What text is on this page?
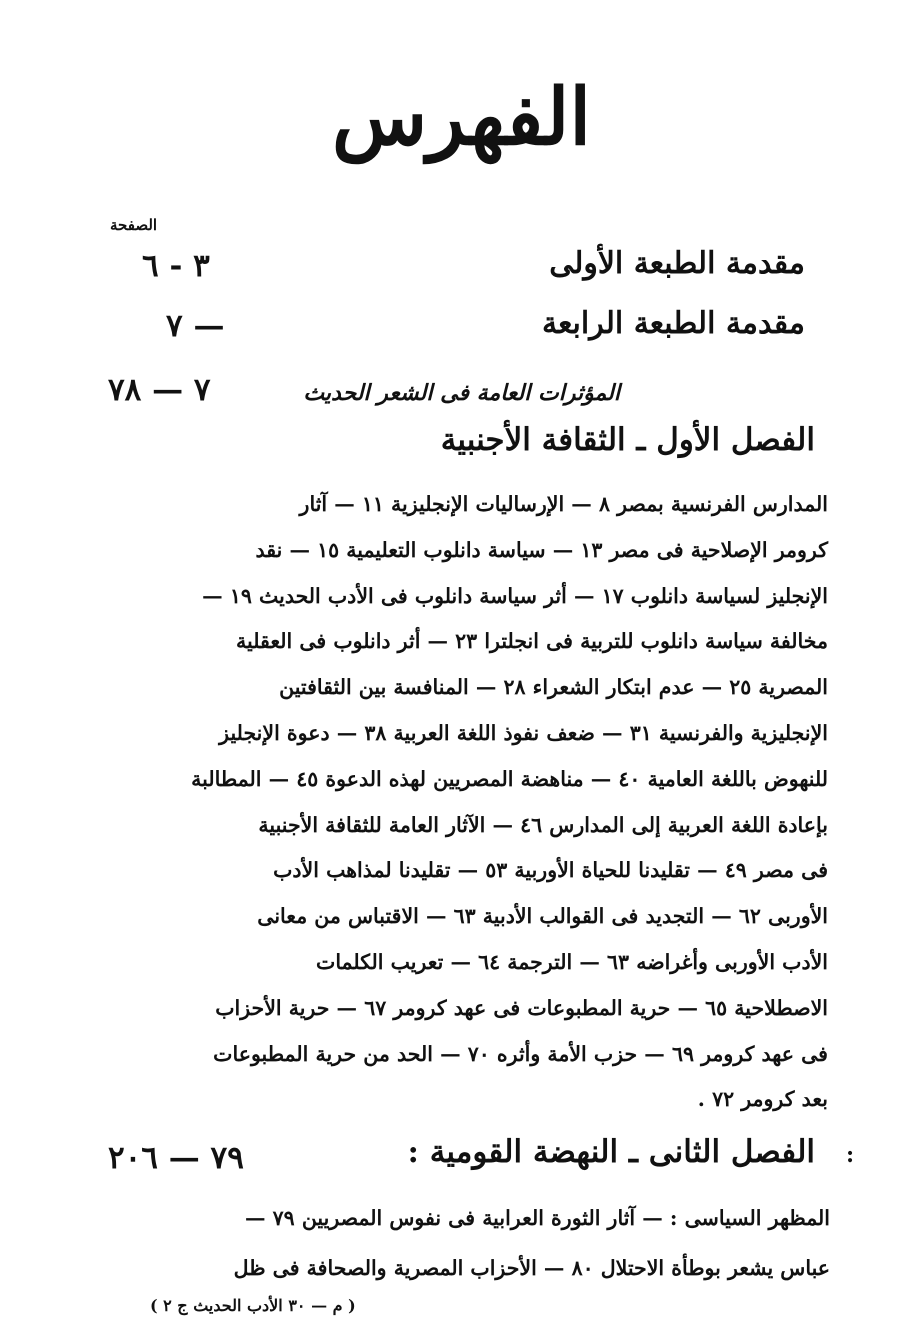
الفهرس
الصفحة
مقدمة الطبعة الأولى
٣ - ٦
مقدمة الطبعة الرابعة
٧ —
المؤثرات العامة فى الشعر الحديث
٧ — ٧٨
الفصل الأول ـ الثقافة الأجنبية
المدارس الفرنسية بمصر ٨ — الإرساليات الإنجليزية ١١ — آثار
كرومر الإصلاحية فى مصر ١٣ — سياسة دانلوب التعليمية ١٥ — نقد
الإنجليز لسياسة دانلوب ١٧ — أثر سياسة دانلوب فى الأدب الحديث ١٩ —
مخالفة سياسة دانلوب للتربية فى انجلترا ٢٣ — أثر دانلوب فى العقلية
المصرية ٢٥ — عدم ابتكار الشعراء ٢٨ — المنافسة بين الثقافتين
الإنجليزية والفرنسية ٣١ — ضعف نفوذ اللغة العربية ٣٨ — دعوة الإنجليز
للنهوض باللغة العامية ٤٠ — مناهضة المصريين لهذه الدعوة ٤٥ — المطالبة
بإعادة اللغة العربية إلى المدارس ٤٦ — الآثار العامة للثقافة الأجنبية
فى مصر ٤٩ — تقليدنا للحياة الأوربية ٥٣ — تقليدنا لمذاهب الأدب
الأوربى ٦٢ — التجديد فى القوالب الأدبية ٦٣ — الاقتباس من معانى
الأدب الأوربى وأغراضه ٦٣ — الترجمة ٦٤ — تعريب الكلمات
الاصطلاحية ٦٥ — حرية المطبوعات فى عهد كرومر ٦٧ — حرية الأحزاب
فى عهد كرومر ٦٩ — حزب الأمة وأثره ٧٠ — الحد من حرية المطبوعات
بعد كرومر ٧٢ .
الفصل الثانى ـ النهضة القومية :
٧٩ — ٢٠٦	:
المظهر السياسى : — آثار الثورة العرابية فى نفوس المصريين ٧٩ —
عباس يشعر بوطأة الاحتلال ٨٠ — الأحزاب المصرية والصحافة فى ظل
( م — ٣٠ الأدب الحديث ج ٢ )
